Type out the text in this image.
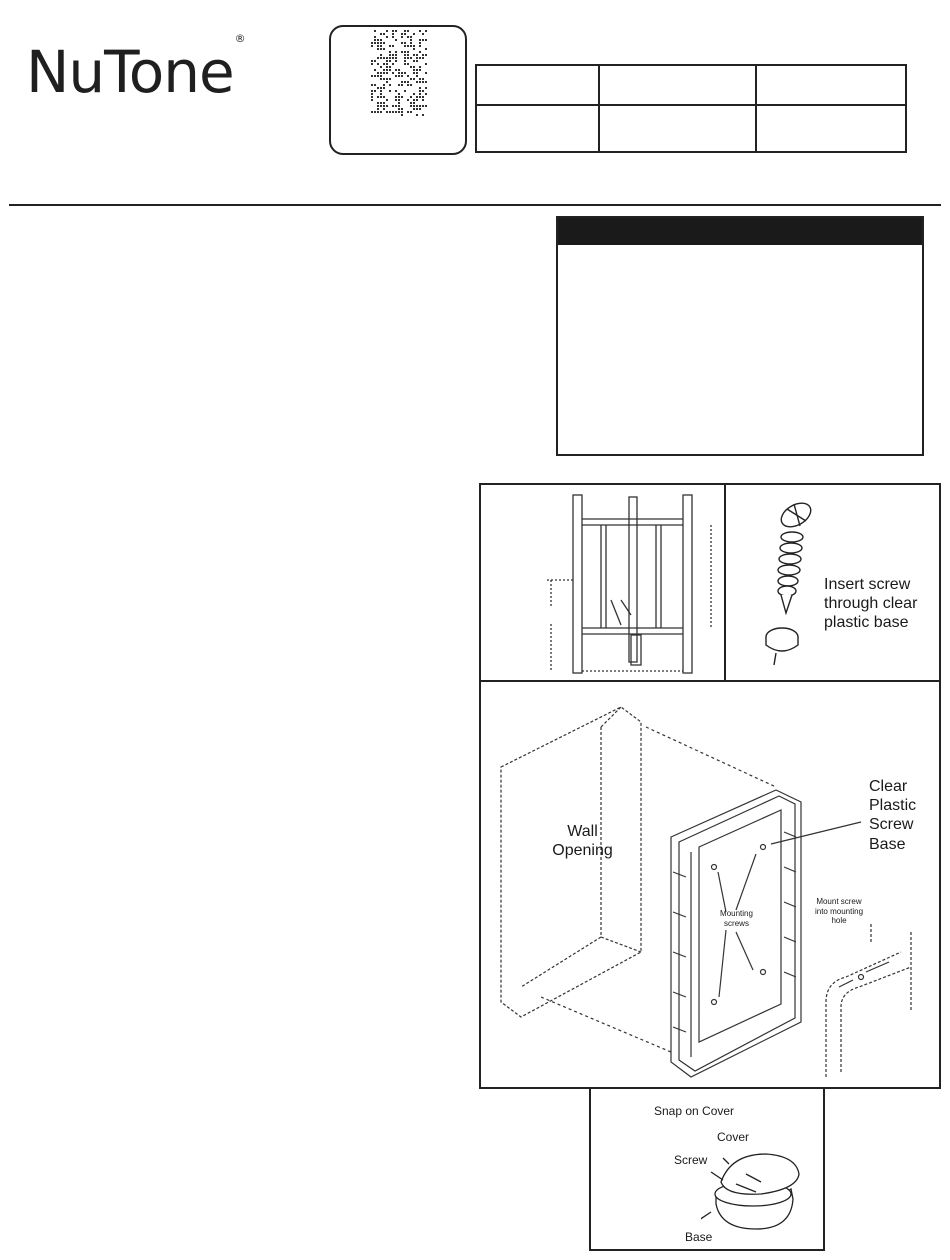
NuTone®

Insert screw through clear plastic base
Wall Opening
Clear Plastic Screw Base
Mounting screws
Mount screw into mounting hole
Snap on Cover
Cover
Screw
Base
